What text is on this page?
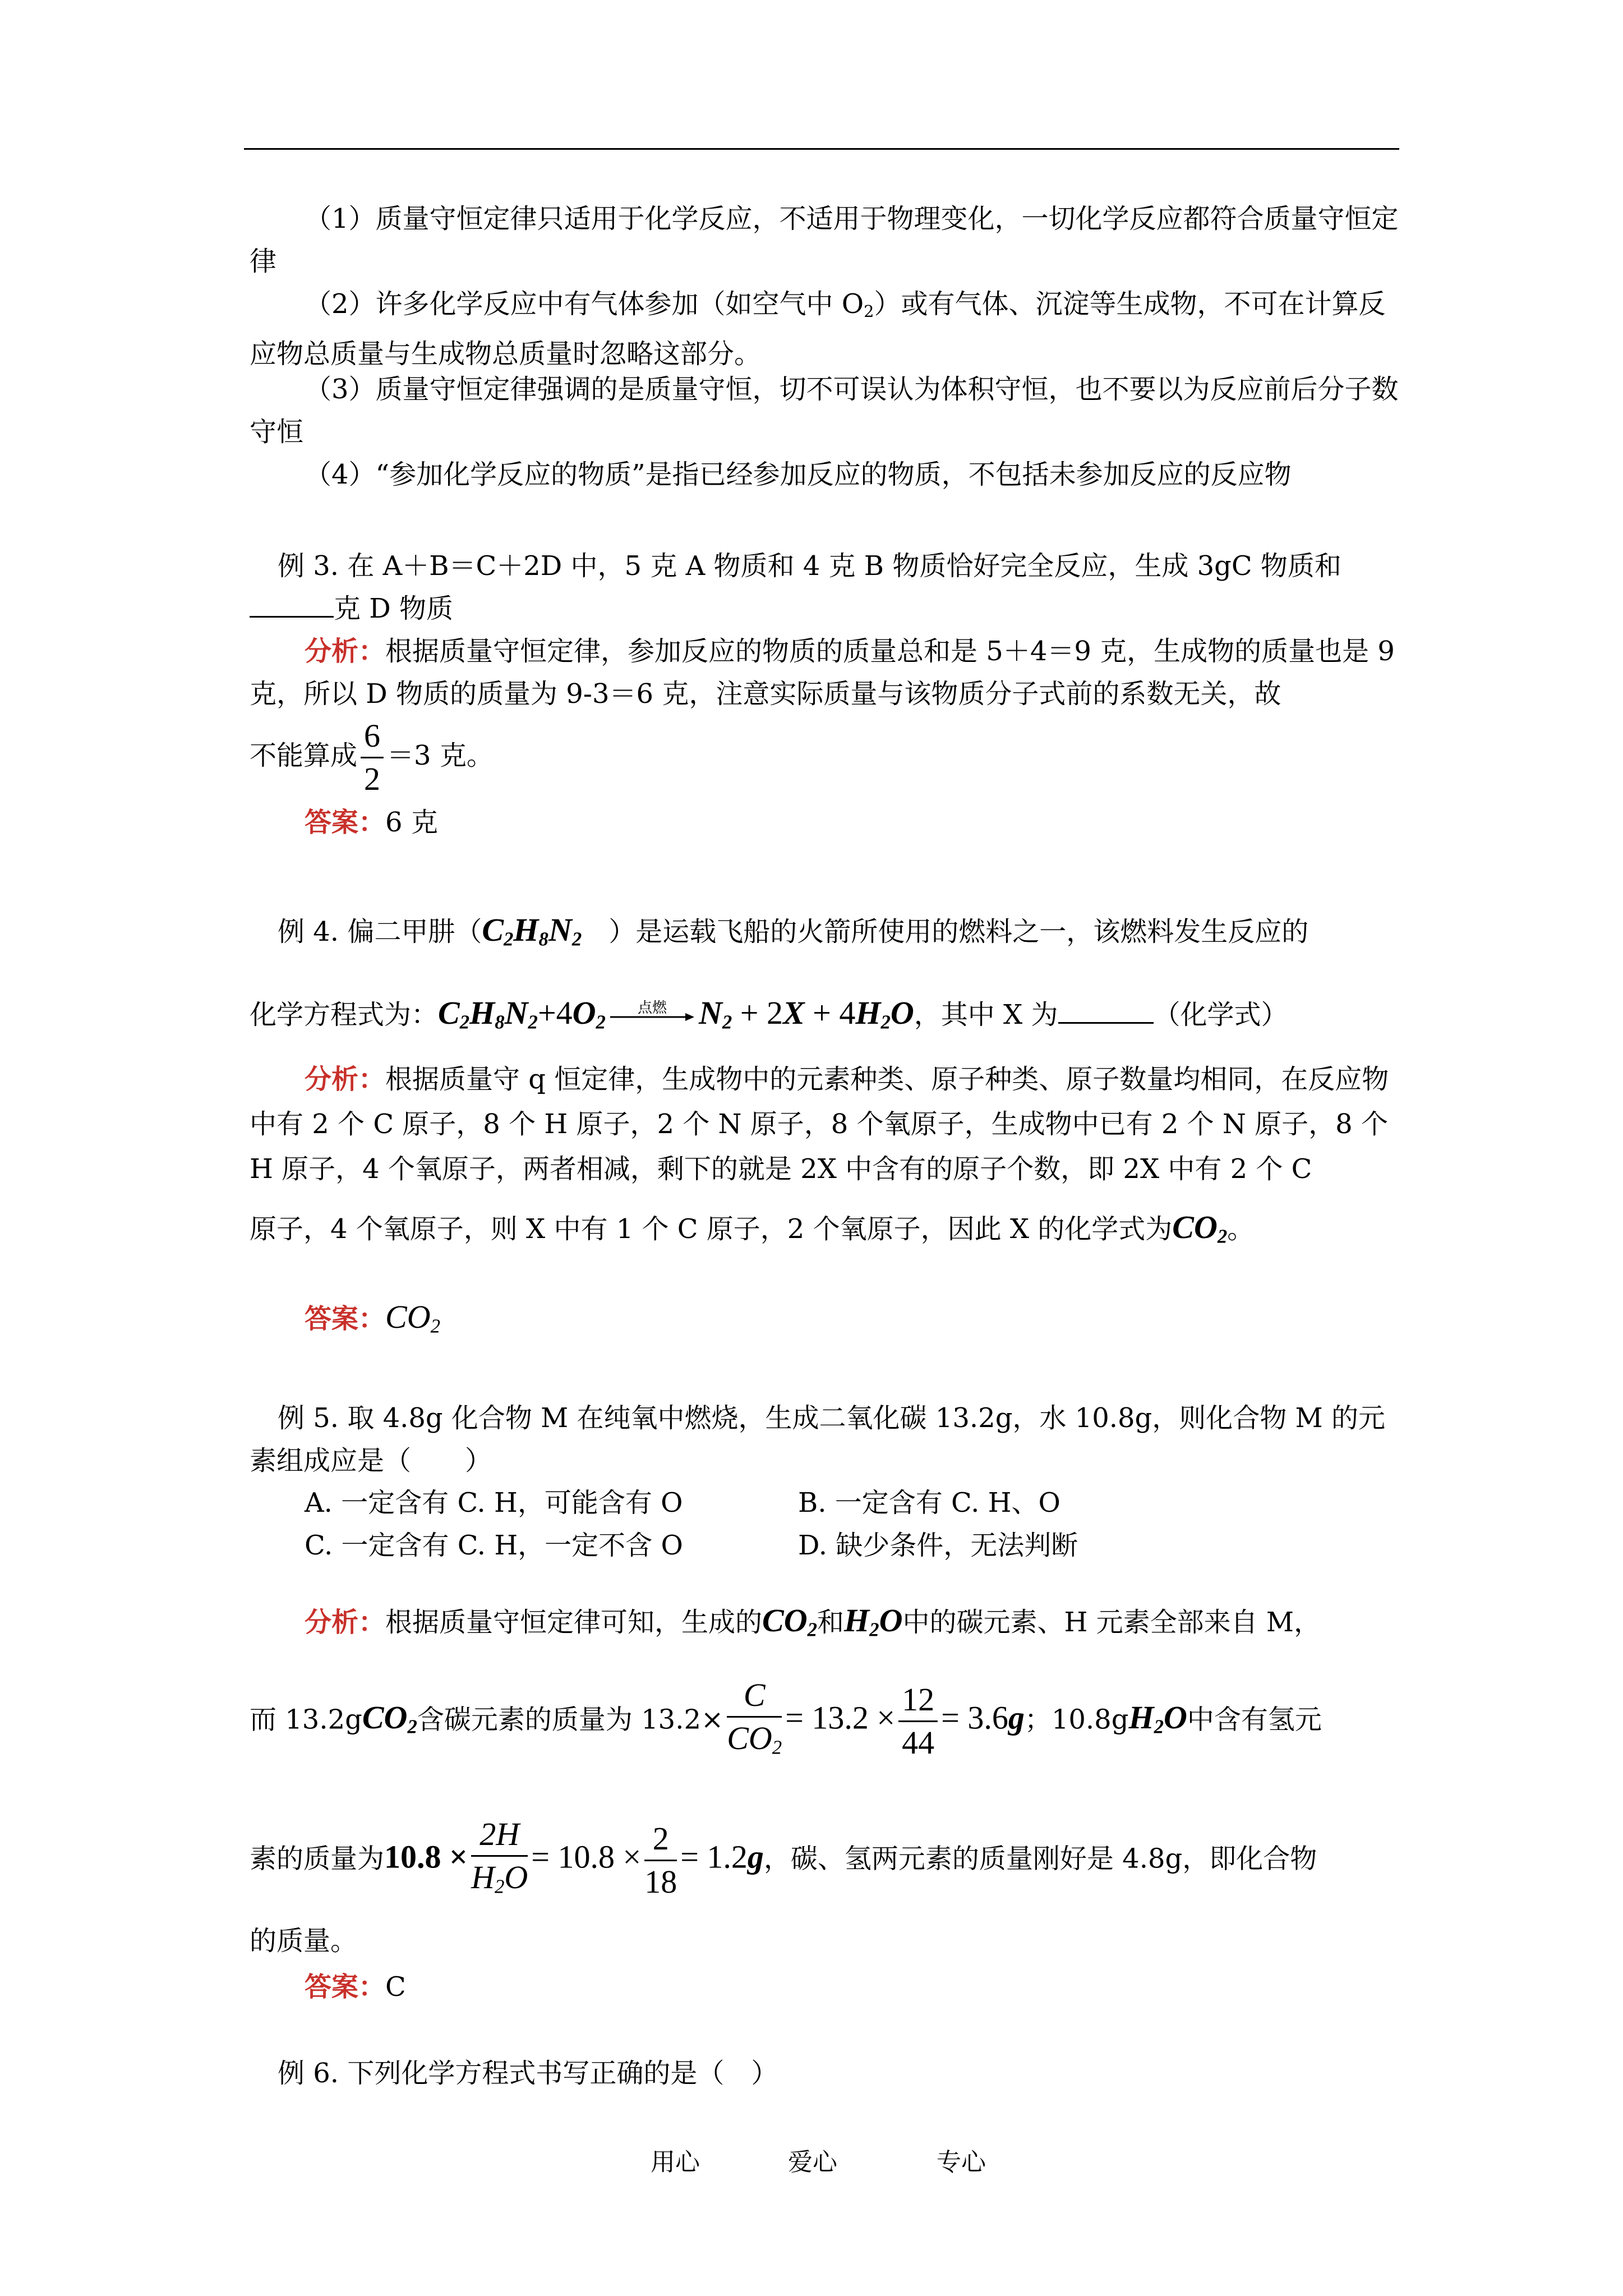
（1）质量守恒定律只适用于化学反应，不适用于物理变化，一切化学反应都符合质量守恒定律
（2）许多化学反应中有气体参加（如空气中 $O_2$）或有气体、沉淀等生成物，不可在计算反应物总质量与生成物总质量时忽略这部分。
（3）质量守恒定律强调的是质量守恒，切不可误认为体积守恒，也不要以为反应前后分子数守恒
（4）“参加化学反应的物质”是指已经参加反应的物质，不包括未参加反应的反应物
例 3. 在 A＋B＝C＋2D 中，5 克 A 物质和 4 克 B 物质恰好完全反应，生成 3gC 物质和
克 D 物质
分析：根据质量守恒定律，参加反应的物质的质量总和是 5＋4＝9 克，生成物的质量也是 9 克，所以 D 物质的质量为 9-3＝6 克，注意实际质量与该物质分子式前的系数无关，故
不能算成 $\frac{6}{2} =3$ 克。
答案：6 克
例 4. 偏二甲肼（$C_2H_8N_2$　 ）是运载飞船的火箭所使用的燃料之一，该燃料发生反应的
化学方程式为：$C_2H_8N_2+4O_2$
点燃 $N_2 + 2X + 4H_2O$，其中 X 为	（化学式）
分析：根据质量守 q 恒定律，生成物中的元素种类、原子种类、原子数量均相同，在反应物中有 2 个 C 原子，8 个 H 原子，2 个 N 原子，8 个氧原子，生成物中已有 2 个 N 原子，8 个 H 原子，4 个氧原子，两者相减，剩下的就是 2X 中含有的原子个数，即 2X 中有 2 个 C
原子，4 个氧原子，则 X 中有 1 个 C 原子，2 个氧原子，因此 X 的化学式为$CO_2$。
答案：$CO_2$
例 5. 取 4.8g 化合物 M 在纯氧中燃烧，生成二氧化碳 13.2g，水 10.8g，则化合物 M 的元素组成应是（　　）
A. 一定含有 C. H，可能含有 O	B. 一定含有 C. H、O
C. 一定含有 C. H，一定不含 O	D. 缺少条件，无法判断
分析：根据质量守恒定律可知，生成的$CO_2$和$H_2O$中的碳元素、H 元素全部来自 M，
而 13.2gCO$_2$含碳元素的质量为 $13.2\times \frac{C}{CO_2} = 13.2 \times \frac{12}{44} = 3.6g$；$10.8gH_2O$中含有氢元
素的质量为$10.8 \times \frac{2H}{H_2O} = 10.8 \times \frac{2}{18} = 1.2g$，碳、氢两元素的质量刚好是 4.8g，即化合物
的质量。
答案：C
例 6. 下列化学方程式书写正确的是（　）
用心	爱心	专心
